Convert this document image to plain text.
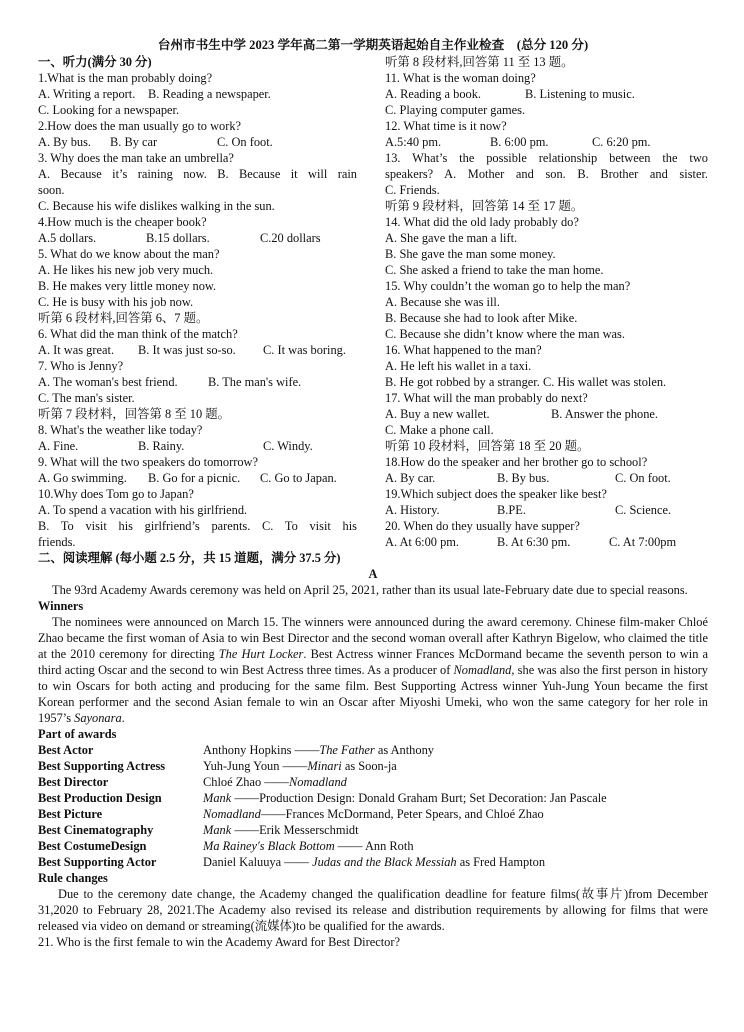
台州市书生中学 2023 学年高二第一学期英语起始自主作业检查　(总分 120 分)
一、听力(满分 30 分)
1.What is the man probably doing?
A. Writing a report.	B. Reading a newspaper.
C. Looking for a newspaper.
2.How does the man usually go to work?
A. By bus.	B. By car	C. On foot.
3. Why does the man take an umbrella?
A. Because it’s raining now. B. Because it will rain
soon.
C. Because his wife dislikes walking in the sun.
4.How much is the cheaper book?
A.5 dollars.	B.15 dollars.	C.20 dollars
5. What do we know about the man?
A. He likes his new job very much.
B. He makes very little money now.
C. He is busy with his job now.
听第 6 段材料,回答第 6、7 题。
6. What did the man think of the match?
A. It was great.	B. It was just so-so.	C. It was boring.
7. Who is Jenny?
A. The woman's best friend.	B. The man's wife.
C. The man's sister.
听第 7 段材料，回答第 8 至 10 题。
8. What's the weather like today?
A. Fine.	B. Rainy.	C. Windy.
9. What will the two speakers do tomorrow?
A. Go swimming.	B. Go for a picnic.	C. Go to Japan.
10.Why does Tom go to Japan?
A. To spend a vacation with his girlfriend.
B. To visit his girlfriend’s parents. C. To visit his
friends.
听第 8 段材料,回答第 11 至 13 题。
11. What is the woman doing?
A. Reading a book.	B. Listening to music.
C. Playing computer games.
12. What time is it now?
A.5:40 pm.	B. 6:00 pm.	C. 6:20 pm.
13. What’s the possible relationship between the two
speakers? A. Mother and son. B. Brother and sister.
C. Friends.
听第 9 段材料，回答第 14 至 17 题。
14. What did the old lady probably do?
A. She gave the man a lift.
B. She gave the man some money.
C. She asked a friend to take the man home.
15. Why couldn’t the woman go to help the man?
A. Because she was ill.
B. Because she had to look after Mike.
C. Because she didn’t know where the man was.
16. What happened to the man?
A. He left his wallet in a taxi.
B. He got robbed by a stranger. C. His wallet was stolen.
17. What will the man probably do next?
A. Buy a new wallet.	B. Answer the phone.
C. Make a phone call.
听第 10 段材料，回答第 18 至 20 题。
18.How do the speaker and her brother go to school?
A. By car.	B. By bus.	C. On foot.
19.Which subject does the speaker like best?
A. History.	B.PE.	C. Science.
20. When do they usually have supper?
A. At 6:00 pm.	B. At 6:30 pm.	C. At 7:00pm
二、阅读理解 (每小题 2.5 分，共 15 道题，满分 37.5 分)
A

The 93rd Academy Awards ceremony was held on April 25, 2021, rather than its usual late-February date due to special reasons.

Winners

The nominees were announced on March 15. The winners were announced during the award ceremony. Chinese film-maker Chloé Zhao became the first woman of Asia to win Best Director and the second woman overall after Kathryn Bigelow, who claimed the title at the 2010 ceremony for directing The Hurt Locker. Best Actress winner Frances McDormand became the seventh person to win a third acting Oscar and the second to win Best Actress three times. As a producer of Nomadland, she was also the first person in history to win Oscars for both acting and producing for the same film. Best Supporting Actress winner Yuh-Jung Youn became the first Korean performer and the second Asian female to win an Oscar after Miyoshi Umeki, who won the same category for her role in 1957’s Sayonara.

Part of awards
Best Actor	Anthony Hopkins ——The Father as Anthony
Best Supporting Actress	Yuh-Jung Youn ——Minari as Soon-ja
Best Director	Chloé Zhao ——Nomadland
Best Production Design	Mank ——Production Design: Donald Graham Burt; Set Decoration: Jan Pascale
Best Picture	Nomadland——Frances McDormand, Peter Spears, and Chloé Zhao
Best Cinematography	Mank ——Erik Messerschmidt
Best CostumeDesign	Ma Rainey's Black Bottom —— Ann Roth
Best Supporting Actor	Daniel Kaluuya —— Judas and the Black Messiah as Fred Hampton
Rule changes

Due to the ceremony date change, the Academy changed the qualification deadline for feature films(故事片)from December 31,2020 to February 28, 2021.The Academy also revised its release and distribution requirements by allowing for films that were released via video on demand or streaming(流媒体)to be qualified for the awards.

21. Who is the first female to win the Academy Award for Best Director?
